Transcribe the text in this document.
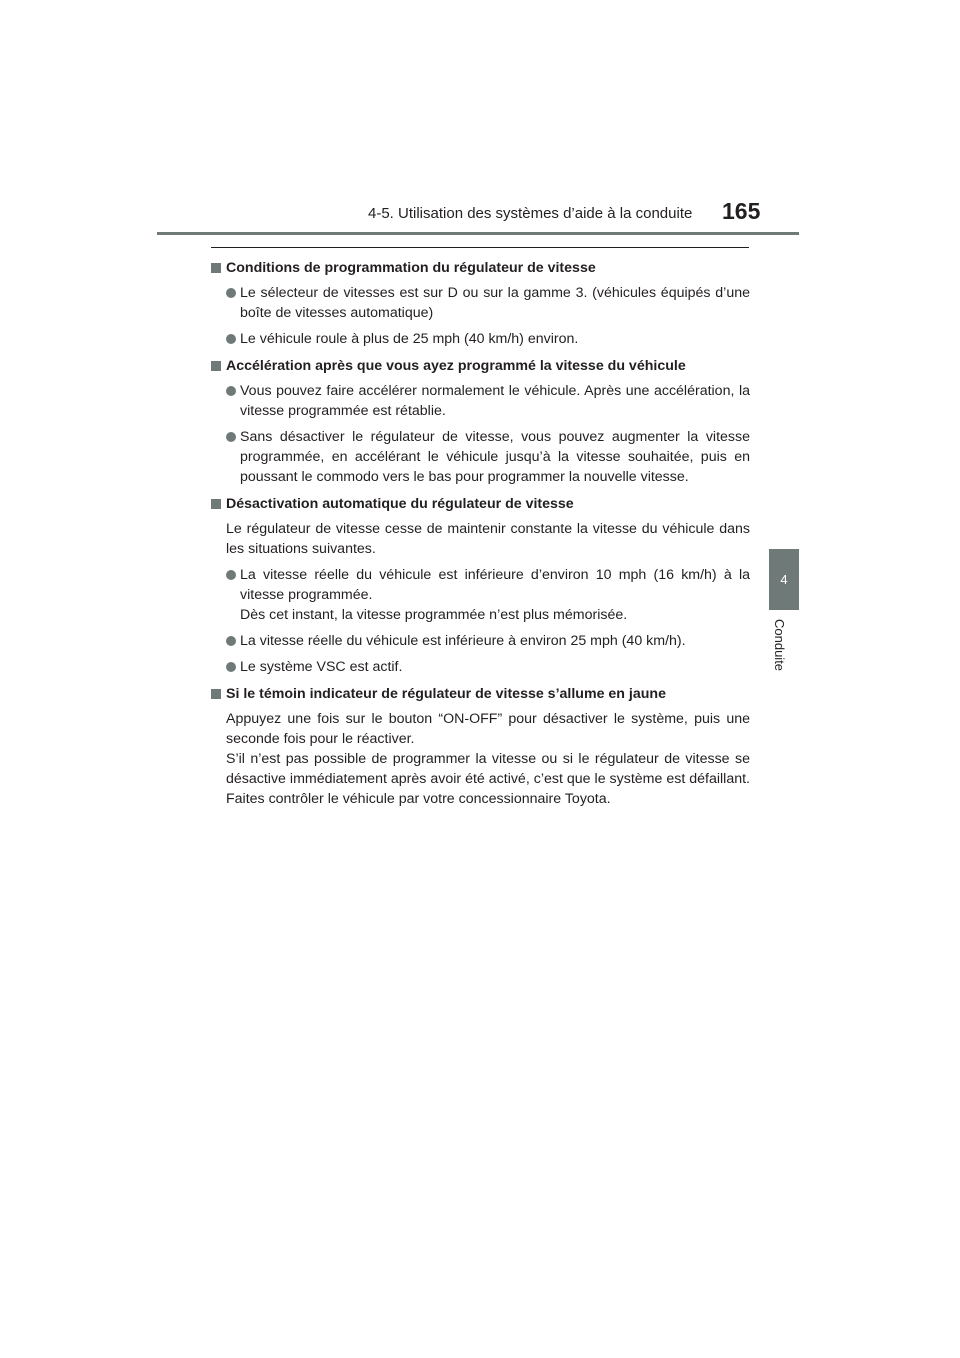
4-5. Utilisation des systèmes d’aide à la conduite 165
4
Conduite
Conditions de programmation du régulateur de vitesse
Le sélecteur de vitesses est sur D ou sur la gamme 3. (véhicules équipés d’une boîte de vitesses automatique)
Le véhicule roule à plus de 25 mph (40 km/h) environ.
Accélération après que vous ayez programmé la vitesse du véhicule
Vous pouvez faire accélérer normalement le véhicule. Après une accélération, la vitesse programmée est rétablie.
Sans désactiver le régulateur de vitesse, vous pouvez augmenter la vitesse programmée, en accélérant le véhicule jusqu’à la vitesse souhaitée, puis en poussant le commodo vers le bas pour programmer la nouvelle vitesse.
Désactivation automatique du régulateur de vitesse
Le régulateur de vitesse cesse de maintenir constante la vitesse du véhicule dans les situations suivantes.
La vitesse réelle du véhicule est inférieure d’environ 10 mph (16 km/h) à la vitesse programmée.
Dès cet instant, la vitesse programmée n’est plus mémorisée.
La vitesse réelle du véhicule est inférieure à environ 25 mph (40 km/h).
Le système VSC est actif.
Si le témoin indicateur de régulateur de vitesse s’allume en jaune
Appuyez une fois sur le bouton “ON-OFF” pour désactiver le système, puis une seconde fois pour le réactiver.
S’il n’est pas possible de programmer la vitesse ou si le régulateur de vitesse se désactive immédiatement après avoir été activé, c’est que le système est défaillant. Faites contrôler le véhicule par votre concessionnaire Toyota.
